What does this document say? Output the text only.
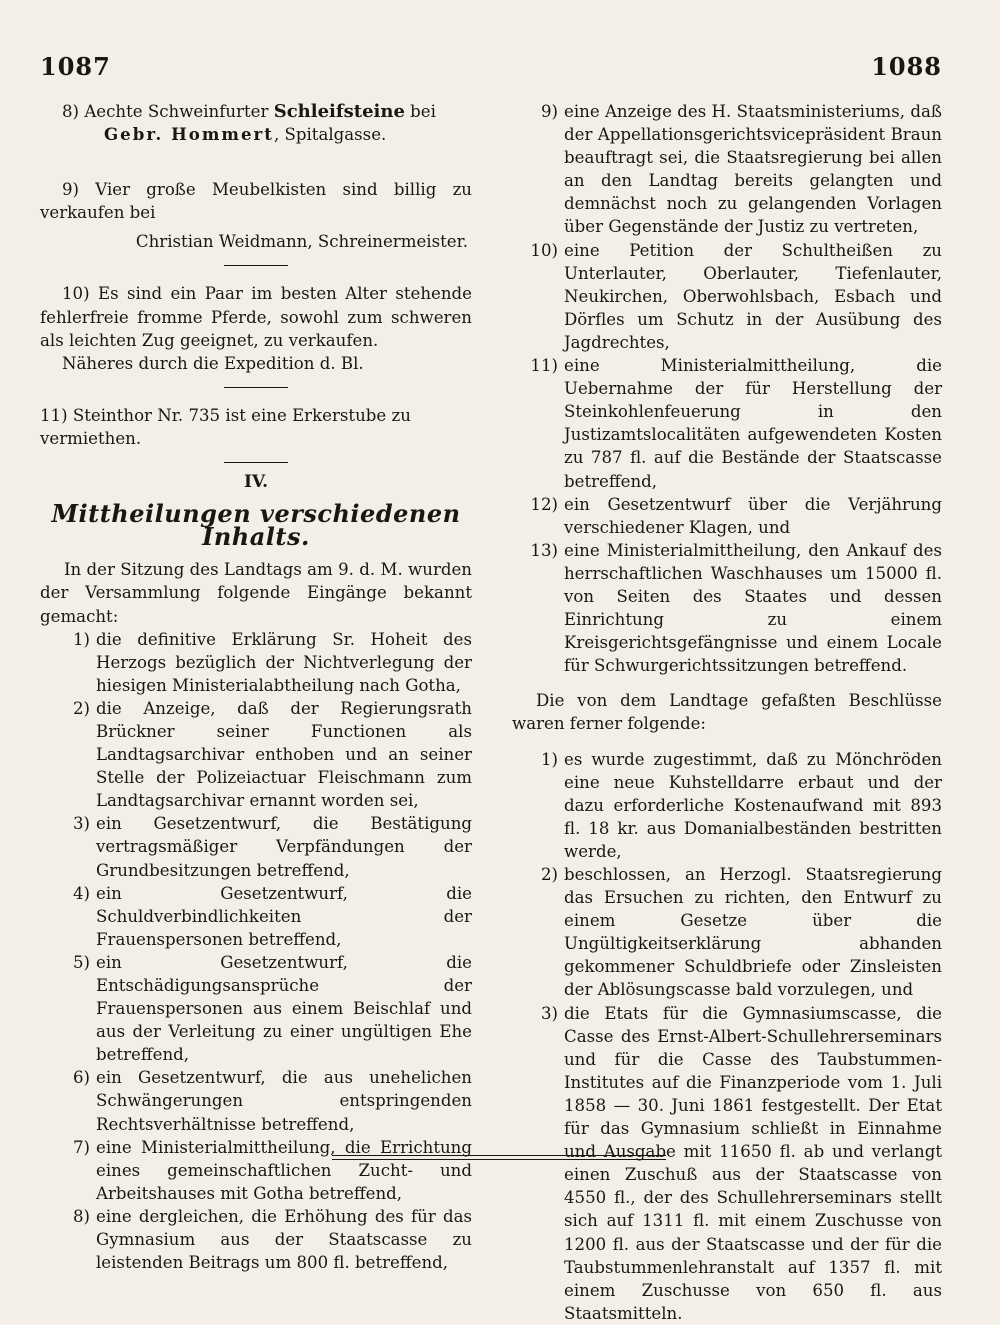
1087	1088

8) Aechte Schweinfurter Schleifsteine bei

Gebr. Hommert, Spitalgasse.

9) Vier große Meubelkisten sind billig zu verkaufen bei

Christian Weidmann, Schreinermeister.

10) Es sind ein Paar im besten Alter stehende fehlerfreie fromme Pferde, sowohl zum schweren als leichten Zug geeignet, zu verkaufen.

Näheres durch die Expedition d. Bl.

11) Steinthor Nr. 735 ist eine Erkerstube zu vermiethen.

IV.
Mittheilungen verschiedenen Inhalts.

In der Sitzung des Landtags am 9. d. M. wurden der Versammlung folgende Eingänge bekannt gemacht:

1) die definitive Erklärung Sr. Hoheit des Herzogs bezüglich der Nichtverlegung der hiesigen Ministerialabtheilung nach Gotha,
2) die Anzeige, daß der Regierungsrath Brückner seiner Functionen als Landtagsarchivar enthoben und an seiner Stelle der Polizeiactuar Fleischmann zum Landtagsarchivar ernannt worden sei,
3) ein Gesetzentwurf, die Bestätigung vertragsmäßiger Verpfändungen der Grundbesitzungen betreffend,
4) ein Gesetzentwurf, die Schuldverbindlichkeiten der Frauenspersonen betreffend,
5) ein Gesetzentwurf, die Entschädigungsansprüche der Frauenspersonen aus einem Beischlaf und aus der Verleitung zu einer ungültigen Ehe betreffend,
6) ein Gesetzentwurf, die aus unehelichen Schwängerungen entspringenden Rechtsverhältnisse betreffend,
7) eine Ministerialmittheilung, die Errichtung eines gemeinschaftlichen Zucht- und Arbeitshauses mit Gotha betreffend,
8) eine dergleichen, die Erhöhung des für das Gymnasium aus der Staatscasse zu leistenden Beitrags um 800 fl. betreffend,
9) eine Anzeige des H. Staatsministeriums, daß der Appellationsgerichtsvicepräsident Braun beauftragt sei, die Staatsregierung bei allen an den Landtag bereits gelangten und demnächst noch zu gelangenden Vorlagen über Gegenstände der Justiz zu vertreten,
10) eine Petition der Schultheißen zu Unterlauter, Oberlauter, Tiefenlauter, Neukirchen, Oberwohlsbach, Esbach und Dörfles um Schutz in der Ausübung des Jagdrechtes,
11) eine Ministerialmittheilung, die Uebernahme der für Herstellung der Steinkohlenfeuerung in den Justizamtslocalitäten aufgewendeten Kosten zu 787 fl. auf die Bestände der Staatscasse betreffend,
12) ein Gesetzentwurf über die Verjährung verschiedener Klagen, und
13) eine Ministerialmittheilung, den Ankauf des herrschaftlichen Waschhauses um 15000 fl. von Seiten des Staates und dessen Einrichtung zu einem Kreisgerichtsgefängnisse und einem Locale für Schwurgerichtssitzungen betreffend.

Die von dem Landtage gefaßten Beschlüsse waren ferner folgende:

1) es wurde zugestimmt, daß zu Mönchröden eine neue Kuhstelldarre erbaut und der dazu erforderliche Kostenaufwand mit 893 fl. 18 kr. aus Domanialbeständen bestritten werde,
2) beschlossen, an Herzogl. Staatsregierung das Ersuchen zu richten, den Entwurf zu einem Gesetze über die Ungültigkeitserklärung abhanden gekommener Schuldbriefe oder Zinsleisten der Ablösungscasse bald vorzulegen, und
3) die Etats für die Gymnasiumscasse, die Casse des Ernst-Albert-Schullehrerseminars und für die Casse des Taubstummen-Institutes auf die Finanzperiode vom 1. Juli 1858 — 30. Juni 1861 festgestellt. Der Etat für das Gymnasium schließt in Einnahme und Ausgabe mit 11650 fl. ab und verlangt einen Zuschuß aus der Staatscasse von 4550 fl., der des Schullehrerseminars stellt sich auf 1311 fl. mit einem Zuschusse von 1200 fl. aus der Staatscasse und der für die Taubstummenlehranstalt auf 1357 fl. mit einem Zuschusse von 650 fl. aus Staatsmitteln.
